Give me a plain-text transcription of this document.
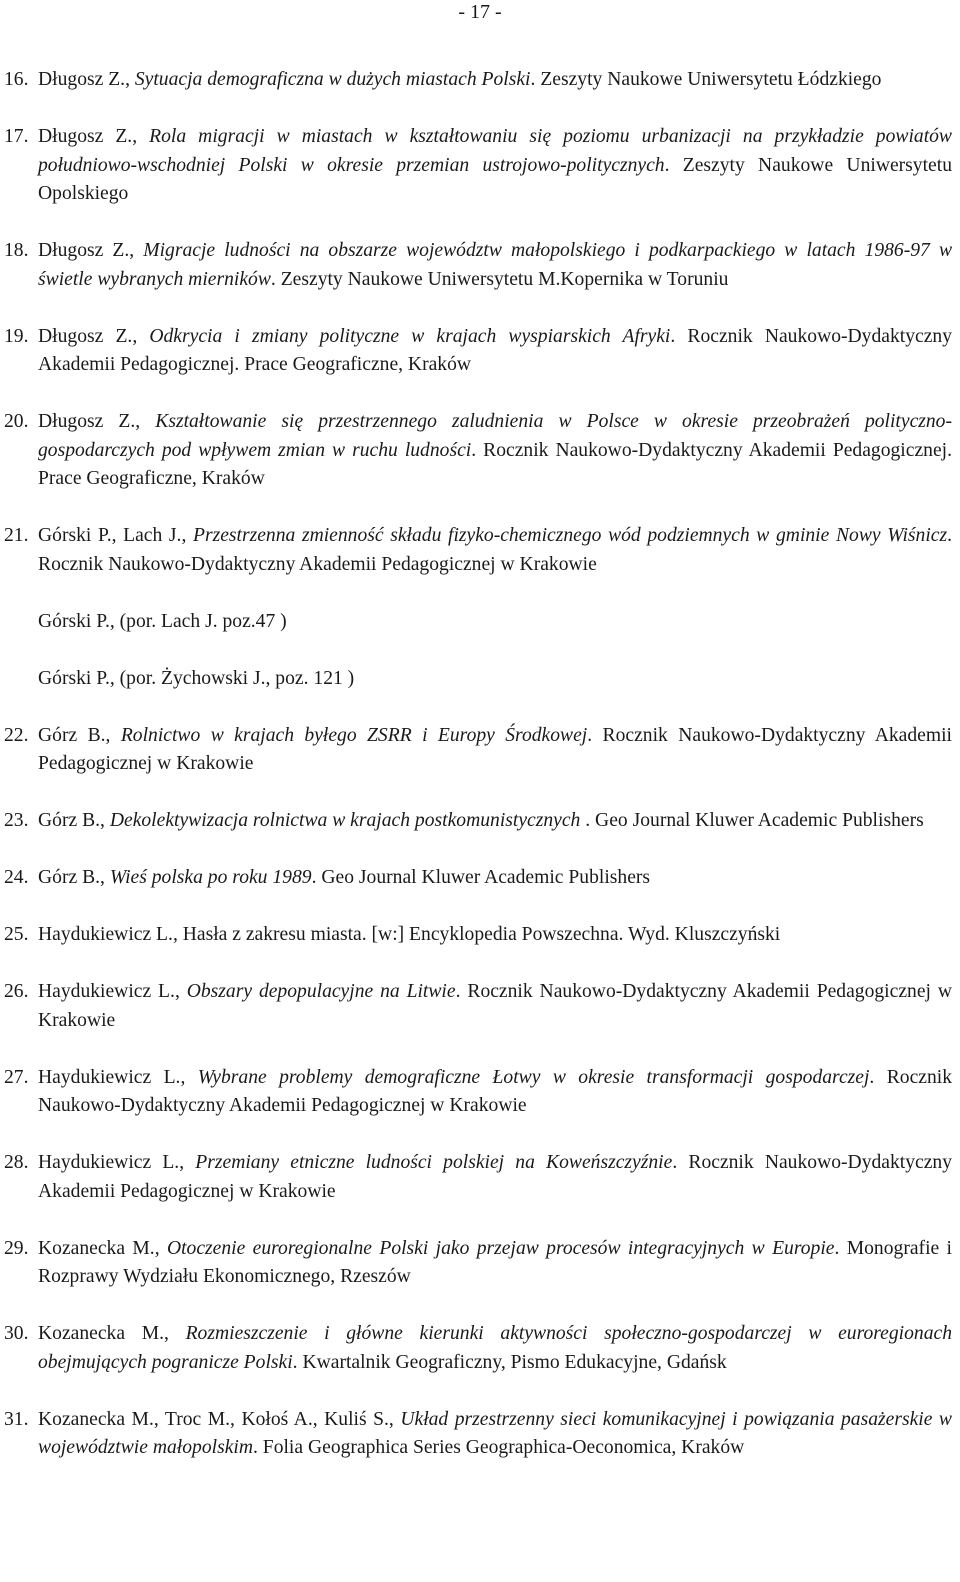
- 17 -

16. Długosz Z., Sytuacja demograficzna w dużych miastach Polski. Zeszyty Naukowe Uniwersytetu Łódzkiego

17. Długosz Z., Rola migracji w miastach w kształtowaniu się poziomu urbanizacji na przykładzie powiatów południowo-wschodniej Polski w okresie przemian ustrojowo-politycznych. Zeszyty Naukowe Uniwersytetu Opolskiego

18. Długosz Z., Migracje ludności na obszarze województw małopolskiego i podkarpackiego w latach 1986-97 w świetle wybranych mierników. Zeszyty Naukowe Uniwersytetu M.Kopernika w Toruniu

19. Długosz Z., Odkrycia i zmiany polityczne w krajach wyspiarskich Afryki. Rocznik Naukowo-Dydaktyczny Akademii Pedagogicznej. Prace Geograficzne, Kraków

20. Długosz Z., Kształtowanie się przestrzennego zaludnienia w Polsce w okresie przeobrażeń polityczno-gospodarczych pod wpływem zmian w ruchu ludności. Rocznik Naukowo-Dydaktyczny Akademii Pedagogicznej. Prace Geograficzne, Kraków

21. Górski P., Lach J., Przestrzenna zmienność składu fizyko-chemicznego wód podziemnych w gminie Nowy Wiśnicz. Rocznik Naukowo-Dydaktyczny Akademii Pedagogicznej w Krakowie

Górski P., (por. Lach J. poz.47 )

Górski P., (por. Żychowski J., poz. 121 )

22. Górz B., Rolnictwo w krajach byłego ZSRR i Europy Środkowej. Rocznik Naukowo-Dydaktyczny Akademii Pedagogicznej w Krakowie

23. Górz B., Dekolektywizacja rolnictwa w krajach postkomunistycznych . Geo Journal Kluwer Academic Publishers

24. Górz B., Wieś polska po roku 1989. Geo Journal Kluwer Academic Publishers

25. Haydukiewicz L., Hasła z zakresu miasta. [w:] Encyklopedia Powszechna. Wyd. Kluszczyński

26. Haydukiewicz L., Obszary depopulacyjne na Litwie. Rocznik Naukowo-Dydaktyczny Akademii Pedagogicznej w Krakowie

27. Haydukiewicz L., Wybrane problemy demograficzne Łotwy w okresie transformacji gospodarczej. Rocznik Naukowo-Dydaktyczny Akademii Pedagogicznej w Krakowie

28. Haydukiewicz L., Przemiany etniczne ludności polskiej na Koweńszczyźnie. Rocznik Naukowo-Dydaktyczny Akademii Pedagogicznej w Krakowie

29. Kozanecka M., Otoczenie euroregionalne Polski jako przejaw procesów integracyjnych w Europie. Monografie i Rozprawy Wydziału Ekonomicznego, Rzeszów

30. Kozanecka M., Rozmieszczenie i główne kierunki aktywności społeczno-gospodarczej w euroregionach obejmujących pogranicze Polski. Kwartalnik Geograficzny, Pismo Edukacyjne, Gdańsk

31. Kozanecka M., Troc M., Kołoś A., Kuliś S., Układ przestrzenny sieci komunikacyjnej i powiązania pasażerskie w województwie małopolskim. Folia Geographica Series Geographica-Oeconomica, Kraków
